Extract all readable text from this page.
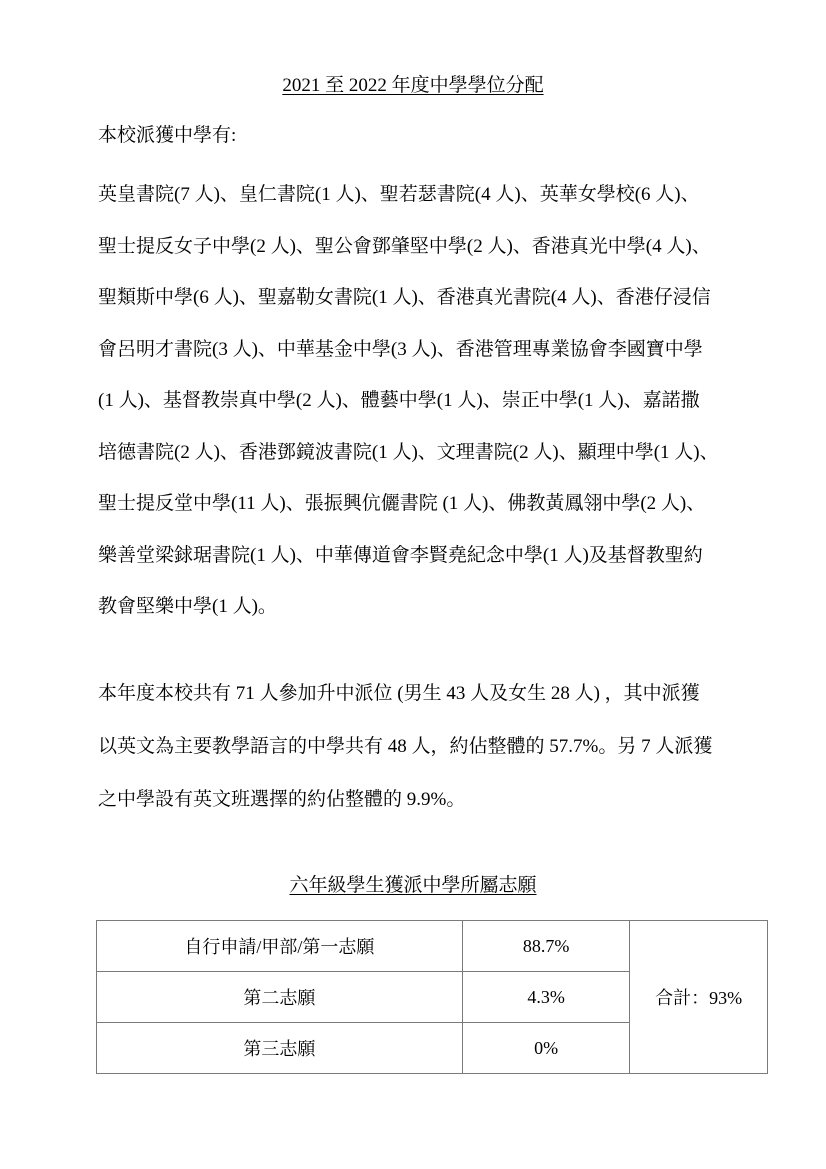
2021 至 2022 年度中學學位分配

本校派獲中學有:

英皇書院(7 人)、皇仁書院(1 人)、聖若瑟書院(4 人)、英華女學校(6 人)、
聖士提反女子中學(2 人)、聖公會鄧肇堅中學(2 人)、香港真光中學(4 人)、
聖類斯中學(6 人)、聖嘉勒女書院(1 人)、香港真光書院(4 人)、香港仔浸信
會呂明才書院(3 人)、中華基金中學(3 人)、香港管理專業協會李國寶中學
(1 人)、基督教崇真中學(2 人)、體藝中學(1 人)、崇正中學(1 人)、嘉諾撒
培德書院(2 人)、香港鄧鏡波書院(1 人)、文理書院(2 人)、顯理中學(1 人)、
聖士提反堂中學(11 人)、張振興伉儷書院 (1 人)、佛教黃鳳翎中學(2 人)、
樂善堂梁銶琚書院(1 人)、中華傳道會李賢堯紀念中學(1 人)及基督教聖約
教會堅樂中學(1 人)。

本年度本校共有 71 人參加升中派位 (男生 43 人及女生 28 人) ，其中派獲
以英文為主要教學語言的中學共有 48 人，約佔整體的 57.7%。另 7 人派獲
之中學設有英文班選擇的約佔整體的 9.9%。

六年級學生獲派中學所屬志願
自行申請/甲部/第一志願	88.7%	合計：93%
第二志願	4.3%	
第三志願	0%	
